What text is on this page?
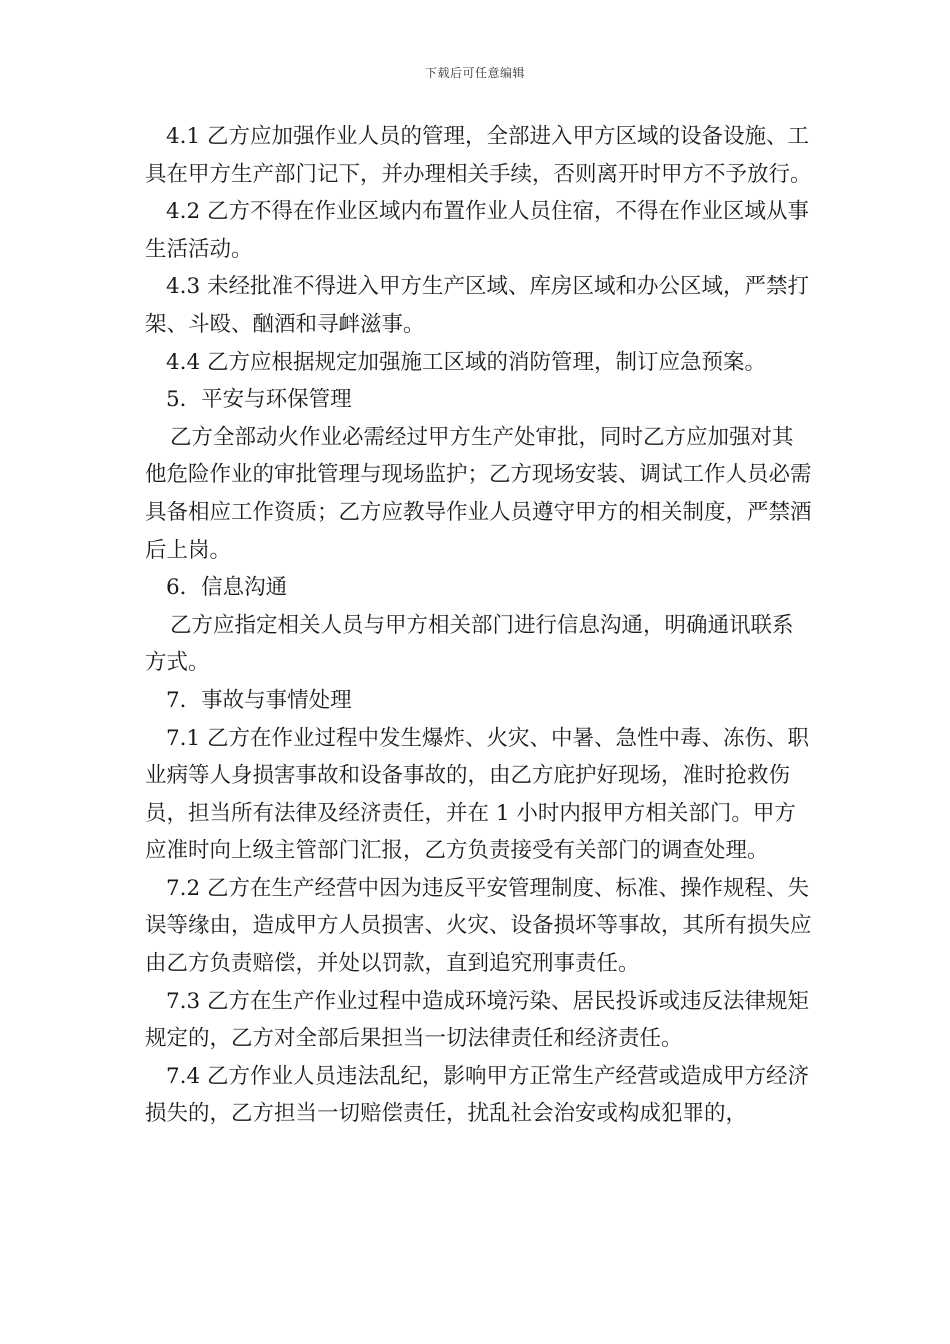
下载后可任意编辑

4.1 乙方应加强作业人员的管理，全部进入甲方区域的设备设施、工具在甲方生产部门记下，并办理相关手续，否则离开时甲方不予放行。

4.2 乙方不得在作业区域内布置作业人员住宿，不得在作业区域从事生活活动。

4.3 未经批准不得进入甲方生产区域、库房区域和办公区域，严禁打架、斗殴、酗酒和寻衅滋事。

4.4 乙方应根据规定加强施工区域的消防管理，制订应急预案。

5．平安与环保管理

乙方全部动火作业必需经过甲方生产处审批，同时乙方应加强对其他危险作业的审批管理与现场监护；乙方现场安装、调试工作人员必需具备相应工作资质；乙方应教导作业人员遵守甲方的相关制度，严禁酒后上岗。

6．信息沟通

乙方应指定相关人员与甲方相关部门进行信息沟通，明确通讯联系方式。

7．事故与事情处理

7.1 乙方在作业过程中发生爆炸、火灾、中暑、急性中毒、冻伤、职业病等人身损害事故和设备事故的，由乙方庇护好现场，准时抢救伤员，担当所有法律及经济责任，并在 1 小时内报甲方相关部门。甲方应准时向上级主管部门汇报，乙方负责接受有关部门的调查处理。

7.2 乙方在生产经营中因为违反平安管理制度、标准、操作规程、失误等缘由，造成甲方人员损害、火灾、设备损坏等事故，其所有损失应由乙方负责赔偿，并处以罚款，直到追究刑事责任。

7.3 乙方在生产作业过程中造成环境污染、居民投诉或违反法律规矩规定的，乙方对全部后果担当一切法律责任和经济责任。

7.4 乙方作业人员违法乱纪，影响甲方正常生产经营或造成甲方经济损失的，乙方担当一切赔偿责任，扰乱社会治安或构成犯罪的，
